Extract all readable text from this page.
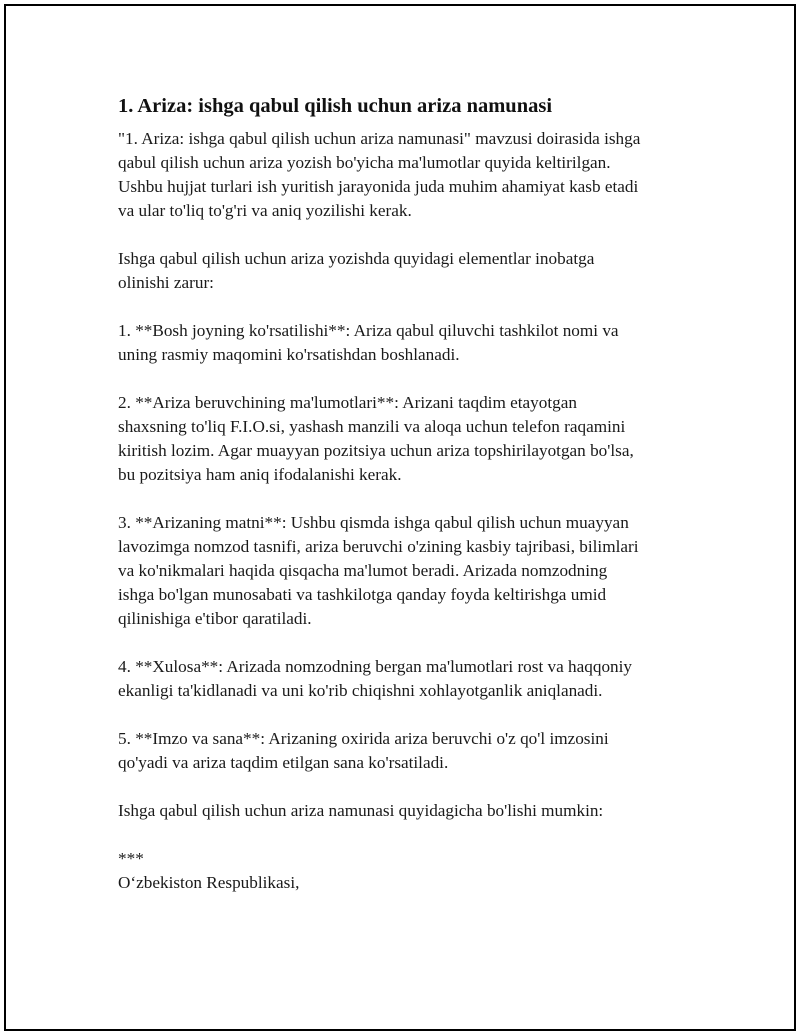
1. Ariza: ishga qabul qilish uchun ariza namunasi

"1. Ariza: ishga qabul qilish uchun ariza namunasi" mavzusi doirasida ishga
qabul qilish uchun ariza yozish bo'yicha ma'lumotlar quyida keltirilgan.
Ushbu hujjat turlari ish yuritish jarayonida juda muhim ahamiyat kasb etadi
va ular to'liq to'g'ri va aniq yozilishi kerak.

Ishga qabul qilish uchun ariza yozishda quyidagi elementlar inobatga
olinishi zarur:

1. **Bosh joyning ko'rsatilishi**: Ariza qabul qiluvchi tashkilot nomi va
uning rasmiy maqomini ko'rsatishdan boshlanadi.

2. **Ariza beruvchining ma'lumotlari**: Arizani taqdim etayotgan
shaxsning to'liq F.I.O.si, yashash manzili va aloqa uchun telefon raqamini
kiritish lozim. Agar muayyan pozitsiya uchun ariza topshirilayotgan bo'lsa,
bu pozitsiya ham aniq ifodalanishi kerak.

3. **Arizaning matni**: Ushbu qismda ishga qabul qilish uchun muayyan
lavozimga nomzod tasnifi, ariza beruvchi o'zining kasbiy tajribasi, bilimlari
va ko'nikmalari haqida qisqacha ma'lumot beradi. Arizada nomzodning
ishga bo'lgan munosabati va tashkilotga qanday foyda keltirishga umid
qilinishiga e'tibor qaratiladi.

4. **Xulosa**: Arizada nomzodning bergan ma'lumotlari rost va haqqoniy
ekanligi ta'kidlanadi va uni ko'rib chiqishni xohlayotganlik aniqlanadi.

5. **Imzo va sana**: Arizaning oxirida ariza beruvchi o'z qo'l imzosini
qo'yadi va ariza taqdim etilgan sana ko'rsatiladi.

Ishga qabul qilish uchun ariza namunasi quyidagicha bo'lishi mumkin:

***
O‘zbekiston Respublikasi,
